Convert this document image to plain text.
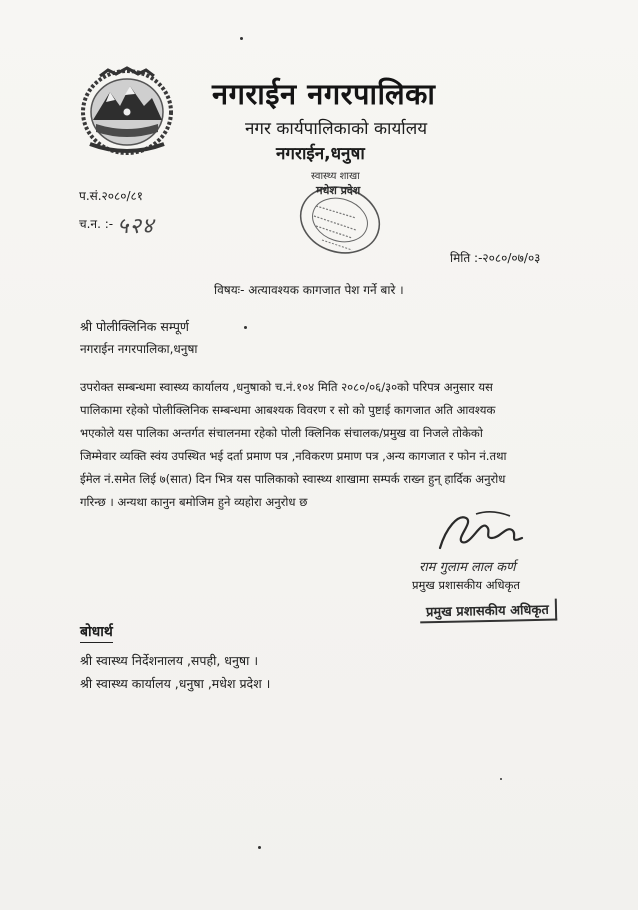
नगराईन नगरपालिका
नगर कार्यपालिकाको कार्यालय
नगराईन,धनुषा
प.सं.२०८०/८१
च.न. :- ५२४
स्वास्थ्य शाखा
मधेश प्रदेश
मिति :-२०८०/०७/०३
विषयः- अत्यावश्यक कागजात पेश गर्ने बारे ।
श्री पोलीक्लिनिक सम्पूर्ण
नगराईन नगरपालिका,धनुषा
उपरोक्त सम्बन्धमा स्वास्थ्य कार्यालय ,धनुषाको च.नं.१०४ मिति २०८०/०६/३०को परिपत्र अनुसार यस
पालिकामा रहेको पोलीक्लिनिक सम्बन्धमा आबश्यक विवरण र सो को पुष्टाई कागजात अति आवश्यक
भएकोले यस पालिका अन्तर्गत संचालनमा रहेको पोली क्लिनिक संचालक/प्रमुख वा निजले तोकेको
जिम्मेवार व्यक्ति स्वंय उपस्थित भई दर्ता प्रमाण पत्र ,नविकरण प्रमाण पत्र ,अन्य कागजात र फोन नं.तथा
ईमेल नं.समेत लिई ७(सात) दिन भित्र यस पालिकाको स्वास्थ्य शाखामा सम्पर्क राख्न हुन् हार्दिक अनुरोध
गरिन्छ । अन्यथा कानुन बमोजिम हुने व्यहोरा अनुरोध छ
राम गुलाम लाल कर्ण
प्रमुख प्रशासकीय अधिकृत
प्रमुख प्रशासकीय अधिकृत
बोधार्थ
श्री स्वास्थ्य निर्देशनालय ,सपही, धनुषा ।
श्री स्वास्थ्य कार्यालय ,धनुषा ,मधेश प्रदेश ।
